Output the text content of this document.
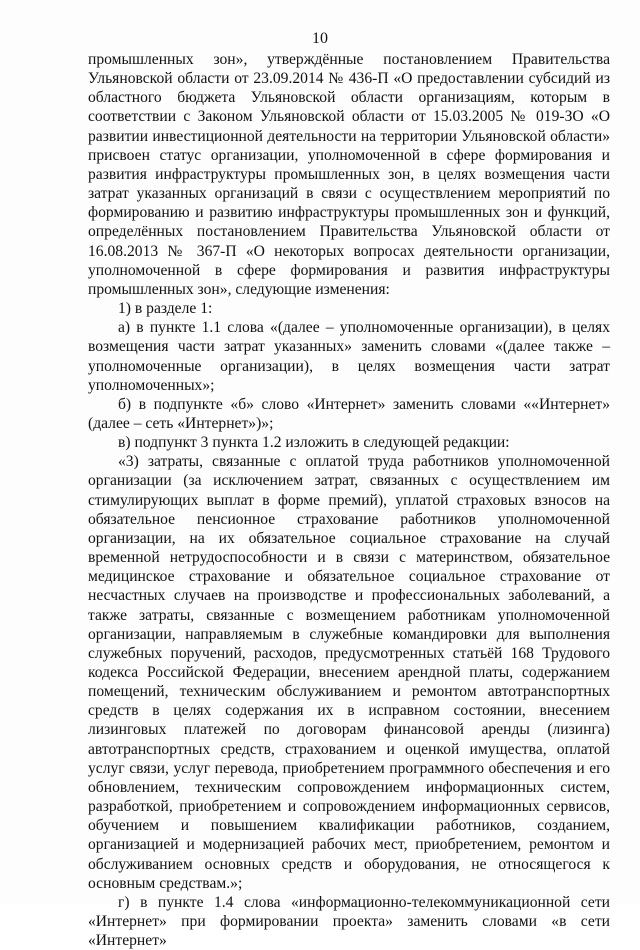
10

промышленных зон», утверждённые постановлением Правительства Ульяновской области от 23.09.2014 № 436-П «О предоставлении субсидий из областного бюджета Ульяновской области организациям, которым в соответствии с Законом Ульяновской области от 15.03.2005 № 019-ЗО «О развитии инвестиционной деятельности на территории Ульяновской области» присвоен статус организации, уполномоченной в сфере формирования и развития инфраструктуры промышленных зон, в целях возмещения части затрат указанных организаций в связи с осуществлением мероприятий по формированию и развитию инфраструктуры промышленных зон и функций, определённых постановлением Правительства Ульяновской области от 16.08.2013 № 367-П «О некоторых вопросах деятельности организации, уполномоченной в сфере формирования и развития инфраструктуры промышленных зон», следующие изменения:

1) в разделе 1:

а) в пункте 1.1 слова «(далее – уполномоченные организации), в целях возмещения части затрат указанных» заменить словами «(далее также – уполномоченные организации), в целях возмещения части затрат уполномоченных»;

б) в подпункте «б» слово «Интернет» заменить словами ««Интернет» (далее – сеть «Интернет»)»;

в) подпункт 3 пункта 1.2 изложить в следующей редакции:

«3) затраты, связанные с оплатой труда работников уполномоченной организации (за исключением затрат, связанных с осуществлением им стимулирующих выплат в форме премий), уплатой страховых взносов на обязательное пенсионное страхование работников уполномоченной организации, на их обязательное социальное страхование на случай временной нетрудоспособности и в связи с материнством, обязательное медицинское страхование и обязательное социальное страхование от несчастных случаев на производстве и профессиональных заболеваний, а также затраты, связанные с возмещением работникам уполномоченной организации, направляемым в служебные командировки для выполнения служебных поручений, расходов, предусмотренных статьёй 168 Трудового кодекса Российской Федерации, внесением арендной платы, содержанием помещений, техническим обслуживанием и ремонтом автотранспортных средств в целях содержания их в исправном состоянии, внесением лизинговых платежей по договорам финансовой аренды (лизинга) автотранспортных средств, страхованием и оценкой имущества, оплатой услуг связи, услуг перевода, приобретением программного обеспечения и его обновлением, техническим сопровождением информационных систем, разработкой, приобретением и сопровождением информационных сервисов, обучением и повышением квалификации работников, созданием, организацией и модернизацией рабочих мест, приобретением, ремонтом и обслуживанием основных средств и оборудования, не относящегося к основным средствам.»;

г) в пункте 1.4 слова «информационно-телекоммуникационной сети «Интернет» при формировании проекта» заменить словами «в сети «Интернет»
